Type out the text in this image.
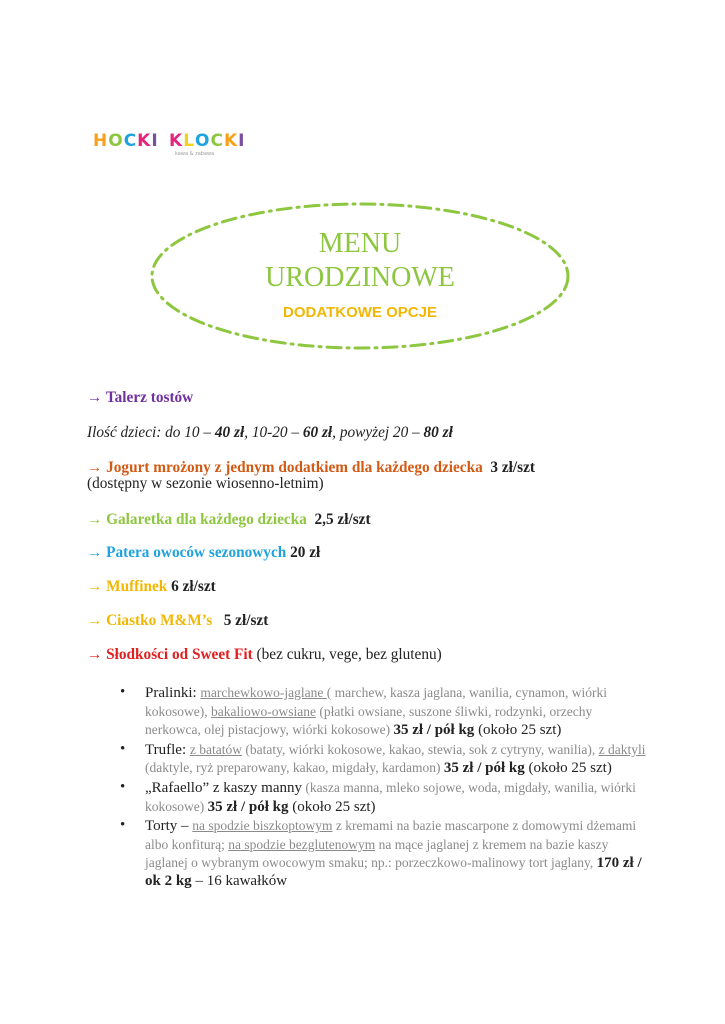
HOCKI KLOCKI
kawa & zabawa
MENU
URODZINOWE
DODATKOWE OPCJE
→ Talerz tostów
Ilość dzieci: do 10 – 40 zł, 10-20 – 60 zł, powyżej 20 – 80 zł
→ Jogurt mrożony z jednym dodatkiem dla każdego dziecka 3 zł/szt
(dostępny w sezonie wiosenno-letnim)
→ Galaretka dla każdego dziecka 2,5 zł/szt
→ Patera owoców sezonowych 20 zł
→ Muffinek 6 zł/szt
→ Ciastko M&M’s 5 zł/szt
→ Słodkości od Sweet Fit (bez cukru, vege, bez glutenu)
• Pralinki: marchewkowo-jaglane ( marchew, kasza jaglana, wanilia, cynamon, wiórki kokosowe), bakaliowo-owsiane (płatki owsiane, suszone śliwki, rodzynki, orzechy nerkowca, olej pistacjowy, wiórki kokosowe) 35 zł / pół kg (około 25 szt)
• Trufle: z batatów (bataty, wiórki kokosowe, kakao, stewia, sok z cytryny, wanilia), z daktyli (daktyle, ryż preparowany, kakao, migdały, kardamon) 35 zł / pół kg (około 25 szt)
• „Rafaello” z kaszy manny (kasza manna, mleko sojowe, woda, migdały, wanilia, wiórki kokosowe) 35 zł / pół kg (około 25 szt)
• Torty – na spodzie biszkoptowym z kremami na bazie mascarpone z domowymi dżemami albo konfiturą; na spodzie bezglutenowym na mące jaglanej z kremem na bazie kaszy jaglanej o wybranym owocowym smaku; np.: porzeczkowo-malinowy tort jaglany, 170 zł / ok 2 kg – 16 kawałków
